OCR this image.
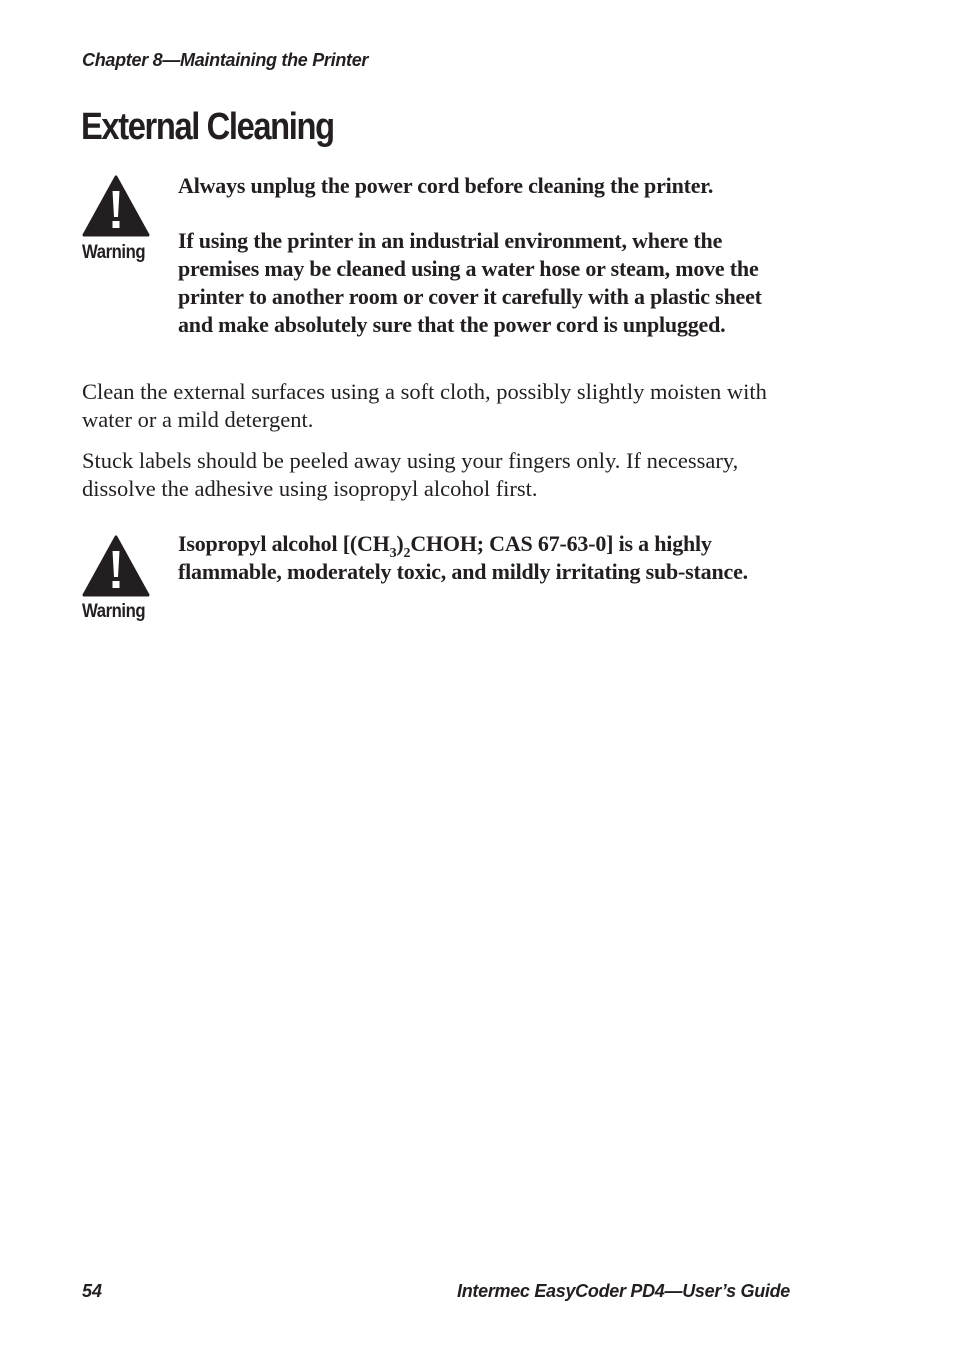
Chapter 8—Maintaining the Printer
External Cleaning
Warning

Always unplug the power cord before cleaning the printer.

If using the printer in an industrial environment, where the premises may be cleaned using a water hose or steam, move the printer to another room or cover it carefully with a plastic sheet and make absolutely sure that the power cord is unplugged.

Clean the external surfaces using a soft cloth, possibly slightly moisten with water or a mild detergent.

Stuck labels should be peeled away using your fingers only. If necessary, dissolve the adhesive using isopropyl alcohol first.

Warning

Isopropyl alcohol [$(CH_3)_2CHOH$; CAS 67-63-0] is a highly flammable, moderately toxic, and mildly irritating sub-stance.

54	Intermec EasyCoder PD4—User’s Guide
